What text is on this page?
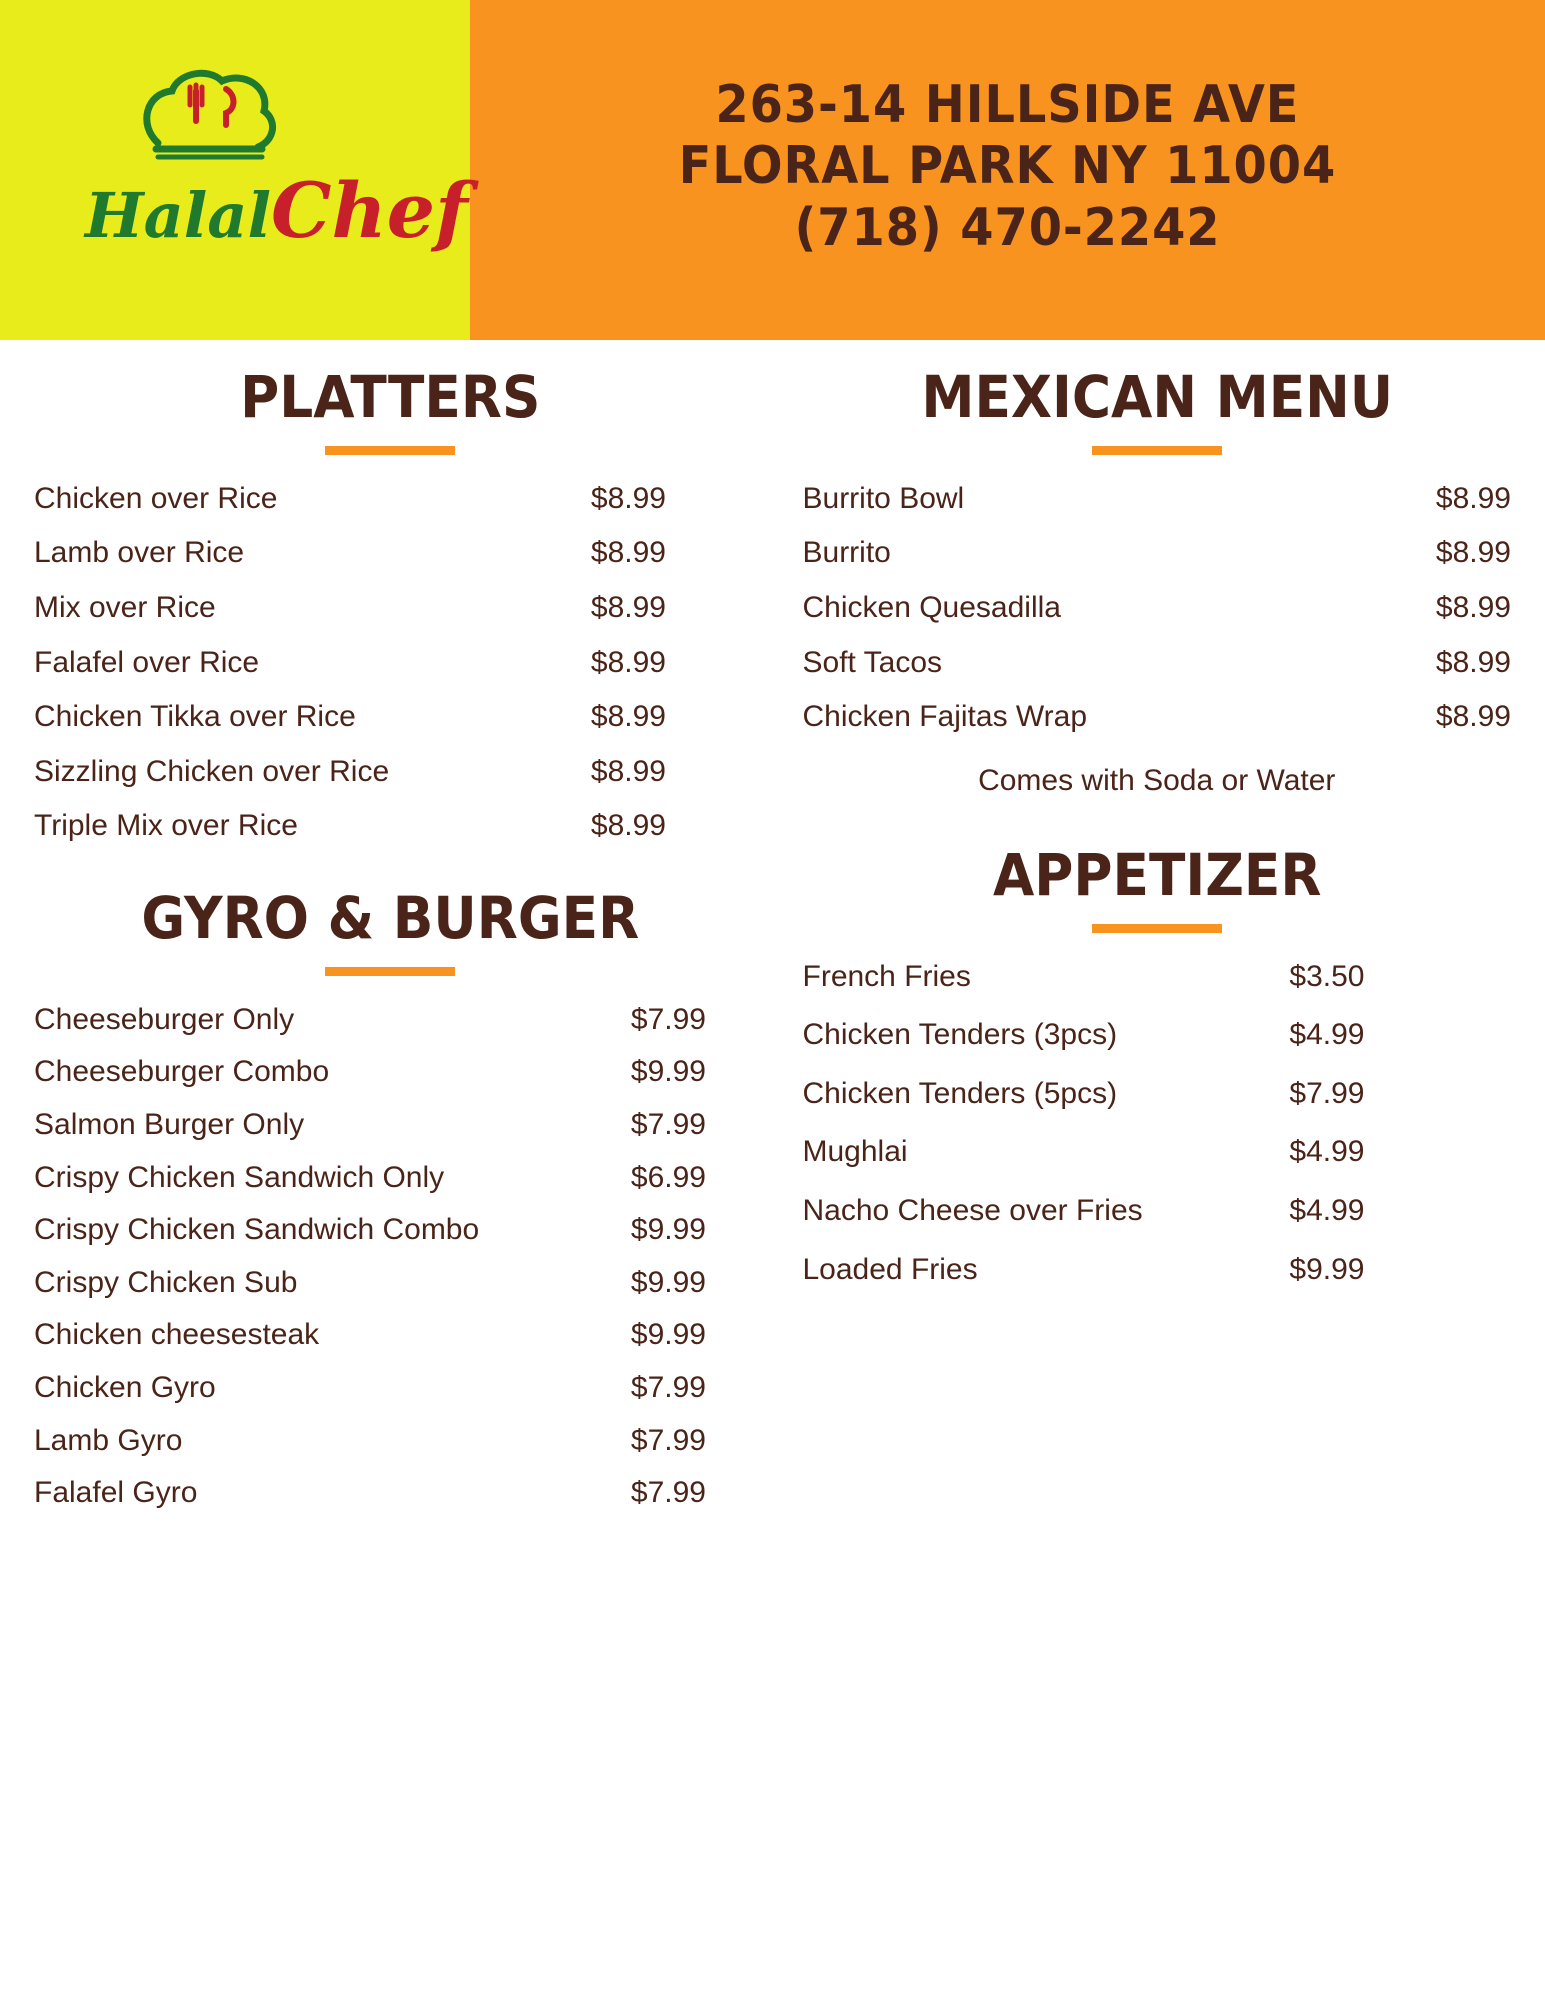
HalalChef
263-14 HILLSIDE AVE
FLORAL PARK NY 11004
(718) 470-2242
PLATTERS
Chicken over Rice	$8.99
Lamb over Rice	$8.99
Mix over Rice	$8.99
Falafel over Rice	$8.99
Chicken Tikka over Rice	$8.99
Sizzling Chicken over Rice	$8.99
Triple Mix over Rice	$8.99
GYRO & BURGER
Cheeseburger Only	$7.99
Cheeseburger Combo	$9.99
Salmon Burger Only	$7.99
Crispy Chicken Sandwich Only	$6.99
Crispy Chicken Sandwich Combo	$9.99
Crispy Chicken Sub	$9.99
Chicken cheesesteak	$9.99
Chicken Gyro	$7.99
Lamb Gyro	$7.99
Falafel Gyro	$7.99
MEXICAN MENU
Burrito Bowl	$8.99
Burrito	$8.99
Chicken Quesadilla	$8.99
Soft Tacos	$8.99
Chicken Fajitas Wrap	$8.99
Comes with Soda or Water
APPETIZER
French Fries	$3.50
Chicken Tenders (3pcs)	$4.99
Chicken Tenders (5pcs)	$7.99
Mughlai	$4.99
Nacho Cheese over Fries	$4.99
Loaded Fries	$9.99
